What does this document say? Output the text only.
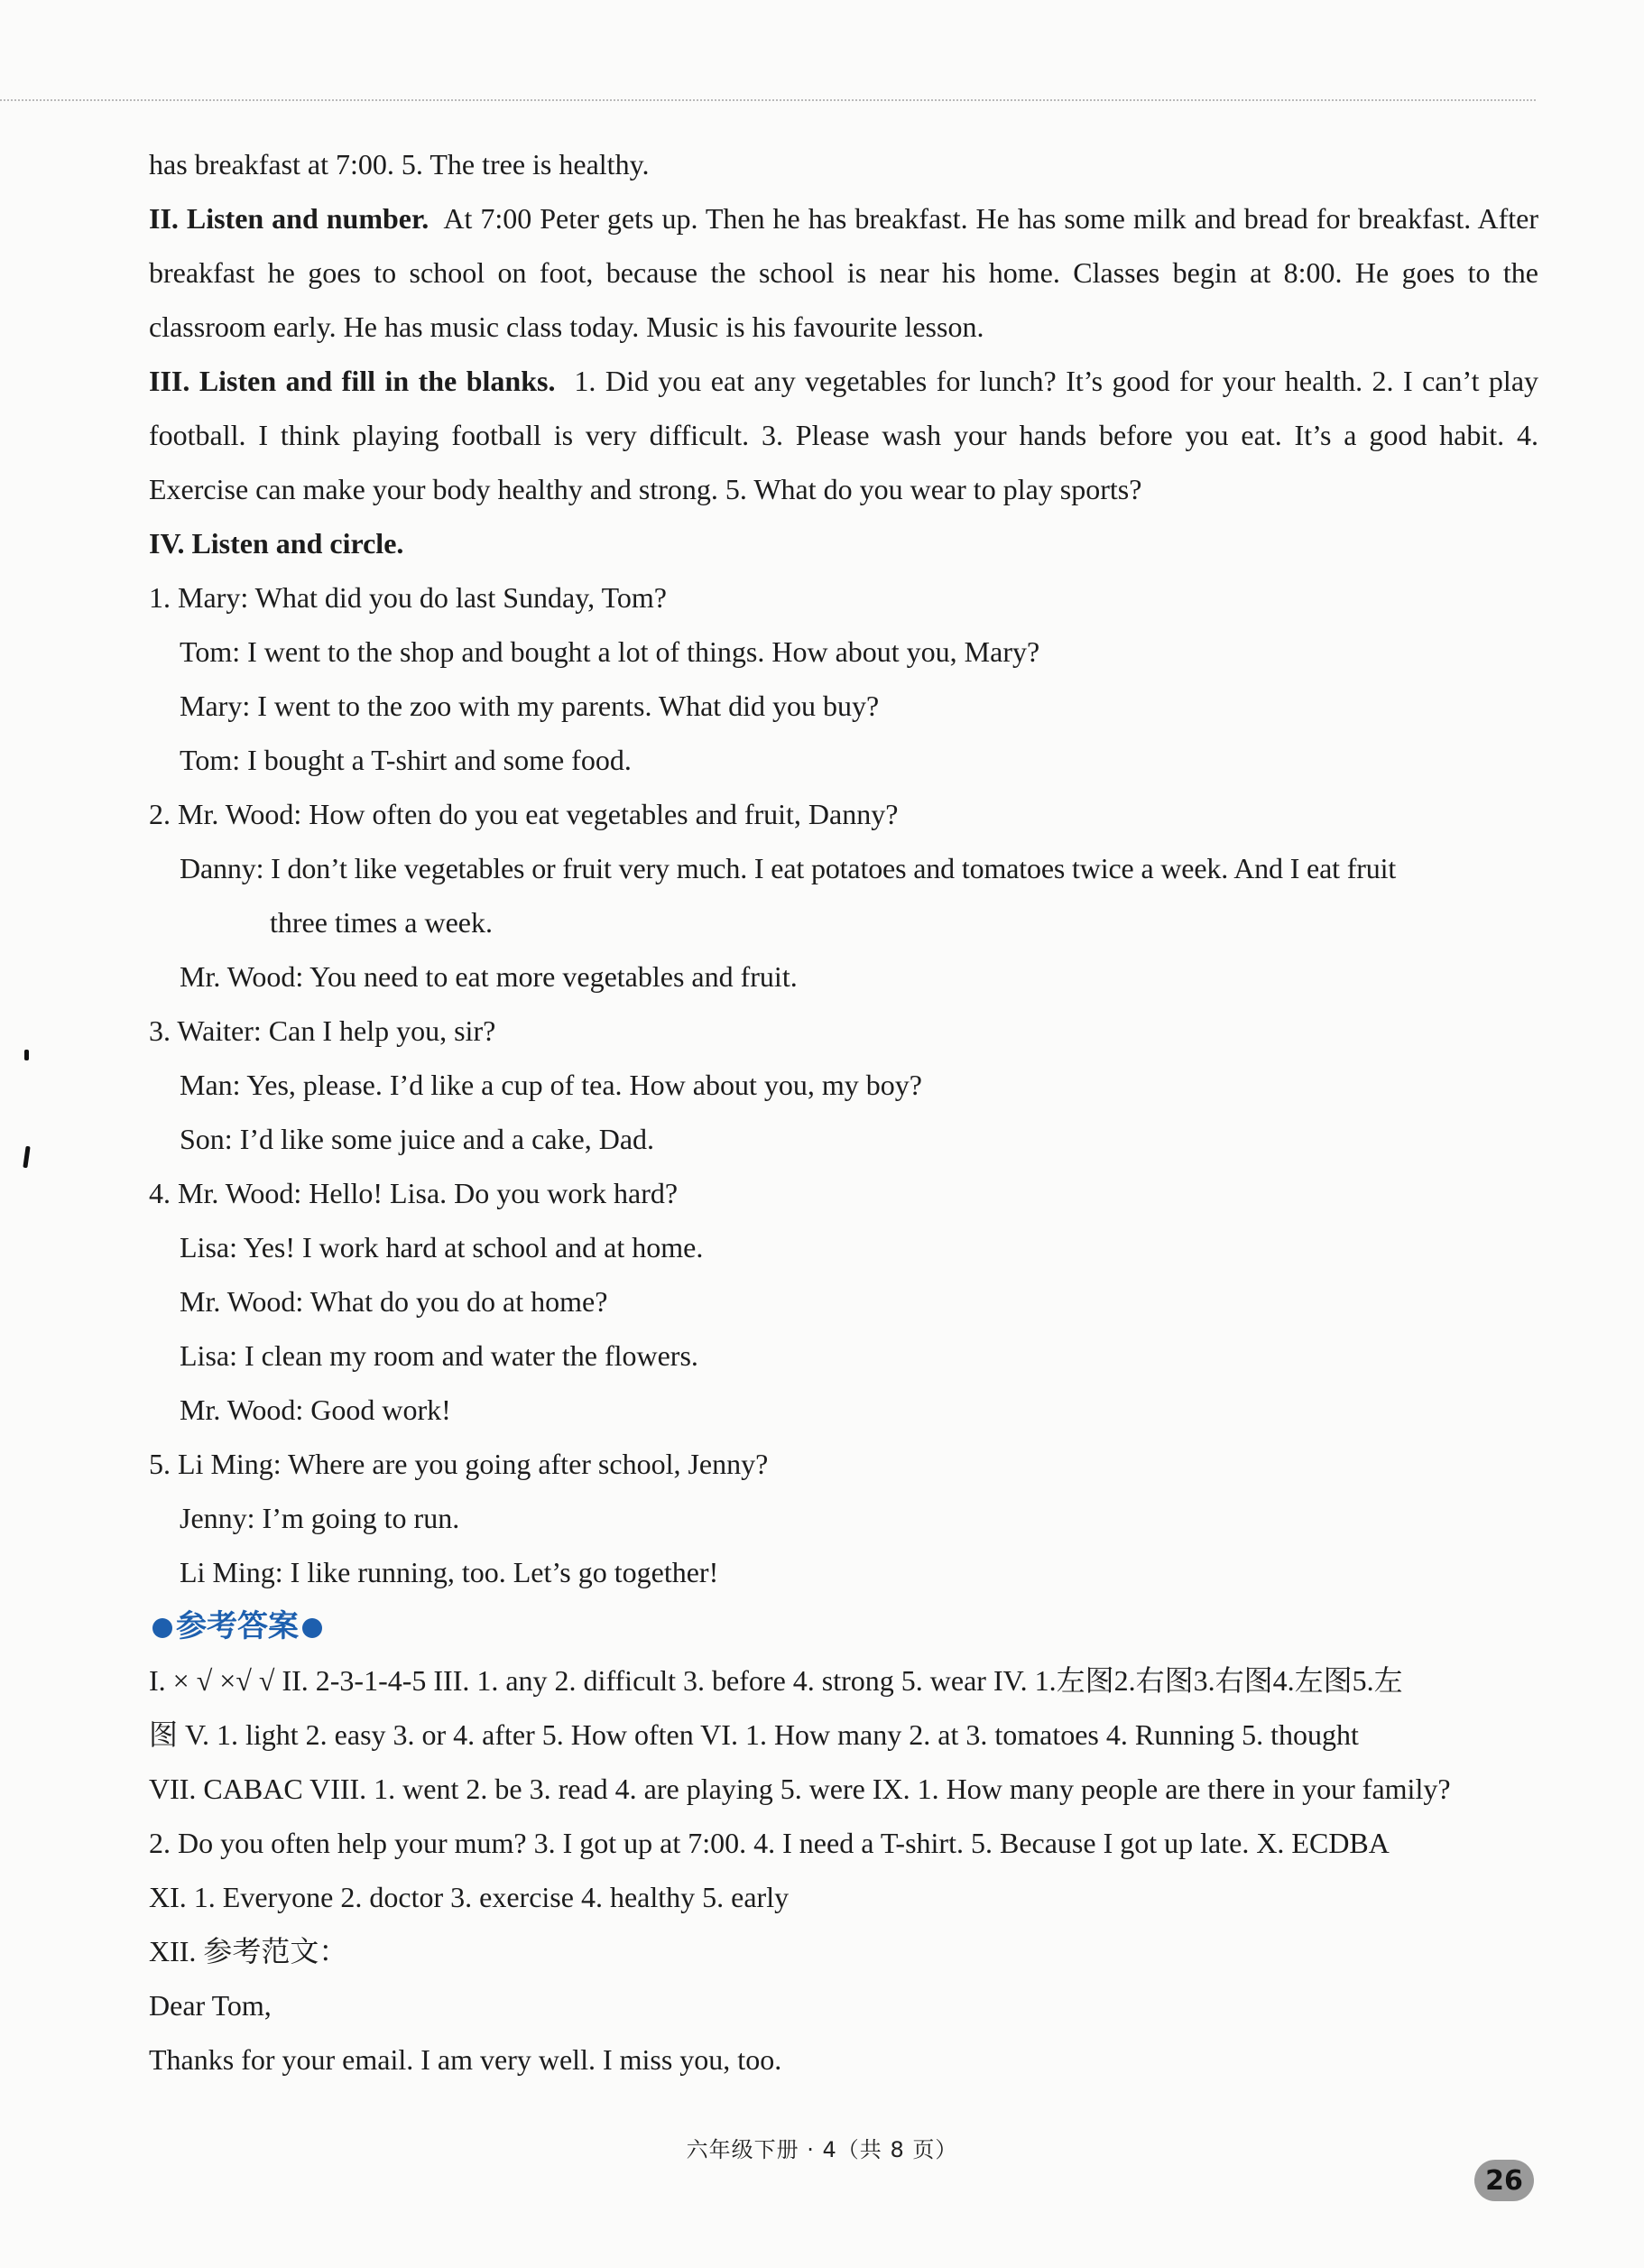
has breakfast at 7:00. 5. The tree is healthy.

II. Listen and number. At 7:00 Peter gets up. Then he has breakfast. He has some milk and bread for breakfast. After breakfast he goes to school on foot, because the school is near his home. Classes begin at 8:00. He goes to the classroom early. He has music class today. Music is his favourite lesson.

III. Listen and fill in the blanks. 1. Did you eat any vegetables for lunch? It’s good for your health. 2. I can’t play football. I think playing football is very difficult. 3. Please wash your hands before you eat. It’s a good habit. 4. Exercise can make your body healthy and strong. 5. What do you wear to play sports?

IV. Listen and circle.

1. Mary: What did you do last Sunday, Tom?

Tom: I went to the shop and bought a lot of things. How about you, Mary?

Mary: I went to the zoo with my parents. What did you buy?

Tom: I bought a T-shirt and some food.

2. Mr. Wood: How often do you eat vegetables and fruit, Danny?

Danny: I don’t like vegetables or fruit very much. I eat potatoes and tomatoes twice a week. And I eat fruit

three times a week.

Mr. Wood: You need to eat more vegetables and fruit.

3. Waiter: Can I help you, sir?

Man: Yes, please. I’d like a cup of tea. How about you, my boy?

Son: I’d like some juice and a cake, Dad.

4. Mr. Wood: Hello! Lisa. Do you work hard?

Lisa: Yes! I work hard at school and at home.

Mr. Wood: What do you do at home?

Lisa: I clean my room and water the flowers.

Mr. Wood: Good work!

5. Li Ming: Where are you going after school, Jenny?

Jenny: I’m going to run.

Li Ming: I like running, too. Let’s go together!

参考答案

I. × √ ×√ √ II. 2-3-1-4-5 III. 1. any 2. difficult 3. before 4. strong 5. wear IV. 1.左图2.右图3.右图4.左图5.左

图 V. 1. light 2. easy 3. or 4. after 5. How often VI. 1. How many 2. at 3. tomatoes 4. Running 5. thought

VII. CABAC VIII. 1. went 2. be 3. read 4. are playing 5. were IX. 1. How many people are there in your family?

2. Do you often help your mum? 3. I got up at 7:00. 4. I need a T-shirt. 5. Because I got up late. X. ECDBA

XI. 1. Everyone 2. doctor 3. exercise 4. healthy 5. early

XII. 参考范文：

Dear Tom,

Thanks for your email. I am very well. I miss you, too.

六年级下册 · 4（共 8 页）
26
